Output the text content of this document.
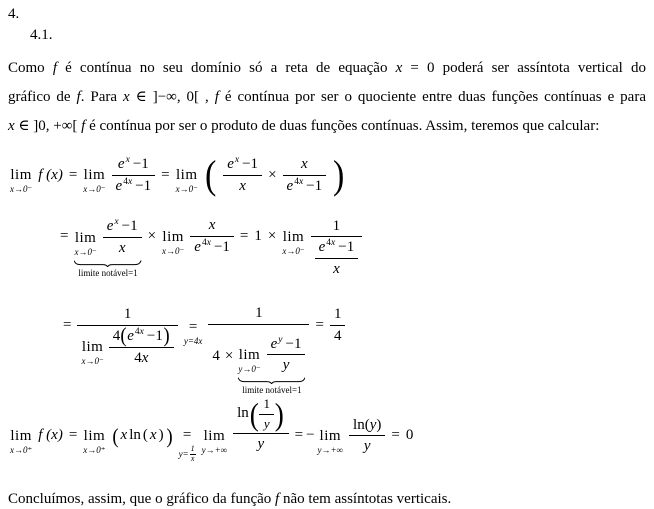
4.
4.1.
Como f é contínua no seu domínio só a reta de equação x = 0 poderá ser assíntota vertical do
gráfico de f. Para x ∈ ]−∞, 0[ , f é contínua por ser o quociente entre duas funções contínuas e para
x ∈ ]0, +∞[ f é contínua por ser o produto de duas funções contínuas. Assim, teremos que calcular:
lim
x→0⁻
f (x) = lim
$x\to 0^- \frac{e^x -1}{e^{4x} -1} = \lim$
x→0⁻ ( $\frac{e^x -1}{x} \times \frac{x}{e^{4x} -1}$ )
= lim
$x\to 0^- \frac{e^x -1}{x}$
limite notável=1
× lim
$x\to 0^- \frac{x}{e^{4x} -1} = 1 \times \lim$
$x\to 0^- \frac{1}{\frac{e^{4x} -1}{x}}$
= 1
lim
$x\to 0^- \frac{4(e^{4x} -1)}{4x}$ =
y=4x
1
4 × lim
$y\to 0^- \frac{e^y -1}{y}$
limite notável=1
= $\frac{1}{4}$
lim
x→0⁺
f (x) = lim
x→0⁺
( x ln ( x ) ) =
$y= \frac{1}{x}$
lim
$y\to+\infty \frac{\ln( \frac{1}{y} )}{y}$ = − lim
$y\to+\infty \frac{\ln(y)}{y} = 0$
Concluímos, assim, que o gráfico da função f não tem assíntotas verticais.
